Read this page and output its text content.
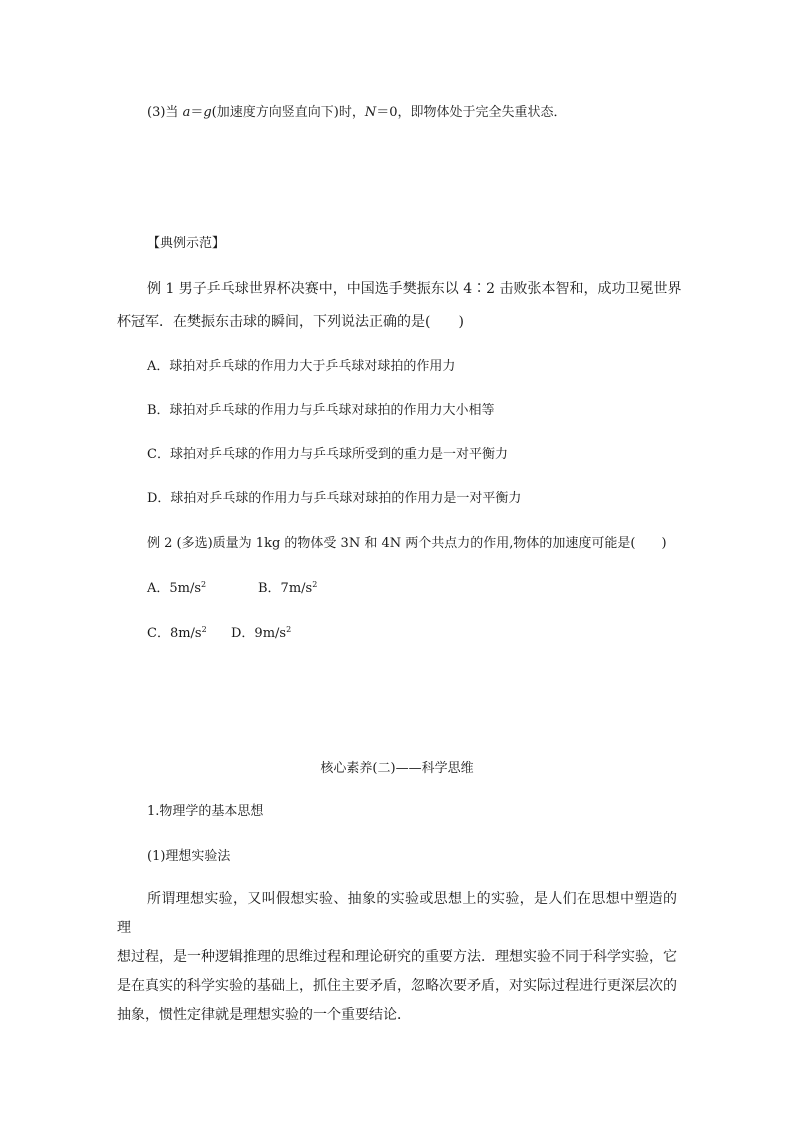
(3)当 a＝g(加速度方向竖直向下)时，N＝0，即物体处于完全失重状态．
【典例示范】
例 1 男子乒乓球世界杯决赛中，中国选手樊振东以 4∶2 击败张本智和，成功卫冕世界
杯冠军．在樊振东击球的瞬间，下列说法正确的是(　　)
A．球拍对乒乓球的作用力大于乒乓球对球拍的作用力
B．球拍对乒乓球的作用力与乒乓球对球拍的作用力大小相等
C．球拍对乒乓球的作用力与乒乓球所受到的重力是一对平衡力
D．球拍对乒乓球的作用力与乒乓球对球拍的作用力是一对平衡力
例 2 (多选)质量为 1kg 的物体受 3N 和 4N 两个共点力的作用,物体的加速度可能是(　　)
A．$5m/s^2$	B．$7m/s^2$
C．$8m/s^2$ D．$9m/s^2$
核心素养(二)——科学思维
1.物理学的基本思想
(1)理想实验法
所谓理想实验，又叫假想实验、抽象的实验或思想上的实验，是人们在思想中塑造的理
想过程，是一种逻辑推理的思维过程和理论研究的重要方法．理想实验不同于科学实验，它
是在真实的科学实验的基础上，抓住主要矛盾，忽略次要矛盾，对实际过程进行更深层次的
抽象，惯性定律就是理想实验的一个重要结论．
